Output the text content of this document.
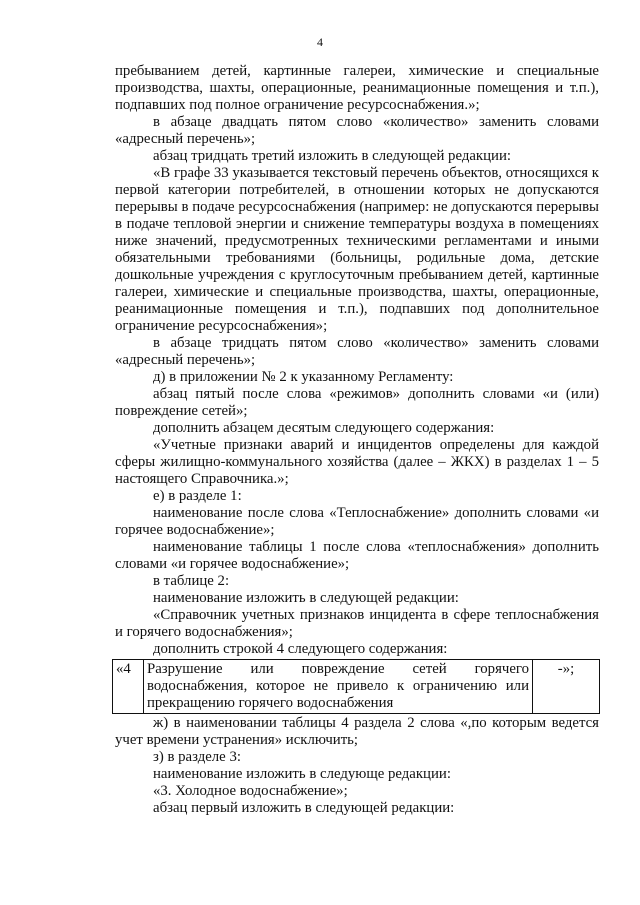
4

пребыванием детей, картинные галереи, химические и специальные производства, шахты, операционные, реанимационные помещения и т.п.), подпавших под полное ограничение ресурсоснабжения.»;

в абзаце двадцать пятом слово «количество» заменить словами «адресный перечень»;

абзац тридцать третий изложить в следующей редакции:

«В графе 33 указывается текстовый перечень объектов, относящихся к первой категории потребителей, в отношении которых не допускаются перерывы в подаче ресурсоснабжения (например: не допускаются перерывы в подаче тепловой энергии и снижение температуры воздуха в помещениях ниже значений, предусмотренных техническими регламентами и иными обязательными требованиями (больницы, родильные дома, детские дошкольные учреждения с круглосуточным пребыванием детей, картинные галереи, химические и специальные производства, шахты, операционные, реанимационные помещения и т.п.), подпавших под дополнительное ограничение ресурсоснабжения»;

в абзаце тридцать пятом слово «количество» заменить словами «адресный перечень»;

д) в приложении № 2 к указанному Регламенту:

абзац пятый после слова «режимов» дополнить словами «и (или) повреждение сетей»;

дополнить абзацем десятым следующего содержания:

«Учетные признаки аварий и инцидентов определены для каждой сферы жилищно-коммунального хозяйства (далее – ЖКХ) в разделах 1 – 5 настоящего Справочника.»;

е) в разделе 1:

наименование после слова «Теплоснабжение» дополнить словами «и горячее водоснабжение»;

наименование таблицы 1 после слова «теплоснабжения» дополнить словами «и горячее водоснабжение»;

в таблице 2:

наименование изложить в следующей редакции:

«Справочник учетных признаков инцидента в сфере теплоснабжения и горячего водоснабжения»;

дополнить строкой 4 следующего содержания:

«4	Разрушение или повреждение сетей горячего водоснабжения, которое не привело к ограничению или прекращению горячего водоснабжения	-»;

ж) в наименовании таблицы 4 раздела 2 слова «,по которым ведется учет времени устранения» исключить;

з) в разделе 3:

наименование изложить в следующе редакции:

«3. Холодное водоснабжение»;

абзац первый изложить в следующей редакции:
